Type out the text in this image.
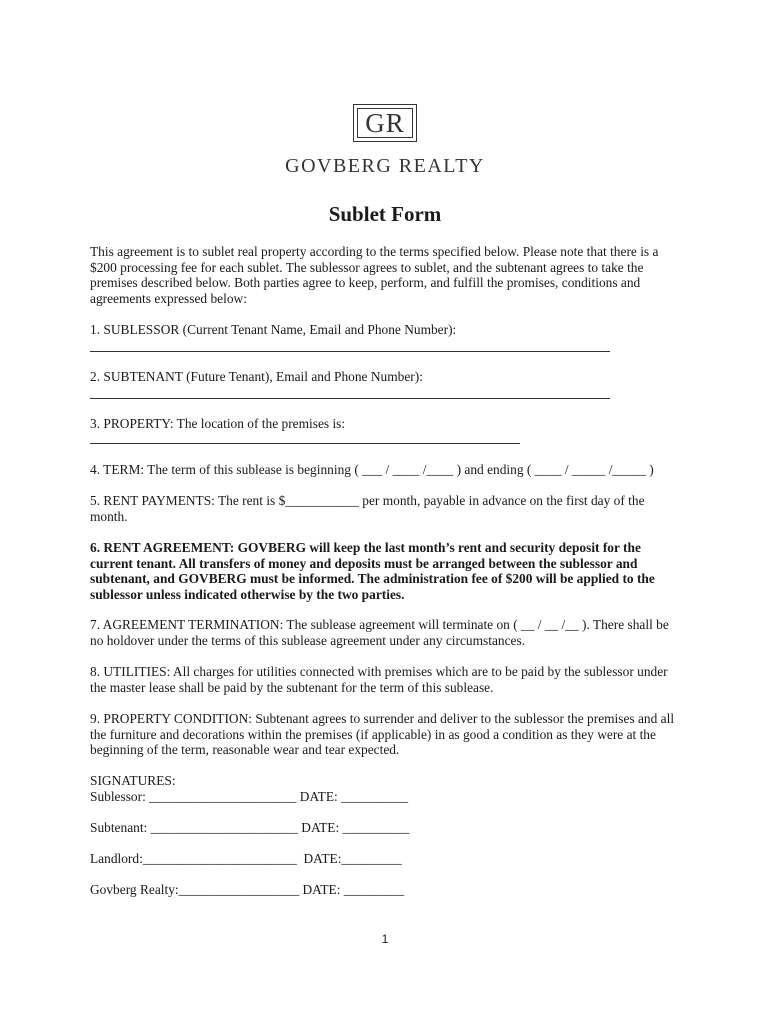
GR
GOVBERG REALTY
Sublet Form

This agreement is to sublet real property according to the terms specified below. Please note that there is a $200 processing fee for each sublet. The sublessor agrees to sublet, and the subtenant agrees to take the premises described below. Both parties agree to keep, perform, and fulfill the promises, conditions and agreements expressed below:

1. SUBLESSOR (Current Tenant Name, Email and Phone Number):

2. SUBTENANT (Future Tenant), Email and Phone Number):

3. PROPERTY: The location of the premises is:

4. TERM: The term of this sublease is beginning ( ___ / ____ /____ ) and ending ( ____ / _____ /_____ )

5. RENT PAYMENTS: The rent is $___________ per month, payable in advance on the first day of the month.

6. RENT AGREEMENT: GOVBERG will keep the last month’s rent and security deposit for the current tenant. All transfers of money and deposits must be arranged between the sublessor and subtenant, and GOVBERG must be informed. The administration fee of $200 will be applied to the sublessor unless indicated otherwise by the two parties.

7. AGREEMENT TERMINATION: The sublease agreement will terminate on ( __ / __ /__ ). There shall be no holdover under the terms of this sublease agreement under any circumstances.

8. UTILITIES: All charges for utilities connected with premises which are to be paid by the sublessor under the master lease shall be paid by the subtenant for the term of this sublease.

9. PROPERTY CONDITION: Subtenant agrees to surrender and deliver to the sublessor the premises and all the furniture and decorations within the premises (if applicable) in as good a condition as they were at the beginning of the term, reasonable wear and tear expected.

SIGNATURES:
Sublessor: ______________________ DATE: __________
Subtenant: ______________________ DATE: __________
Landlord:_______________________  DATE:_________
Govberg Realty:__________________ DATE: _________
1
